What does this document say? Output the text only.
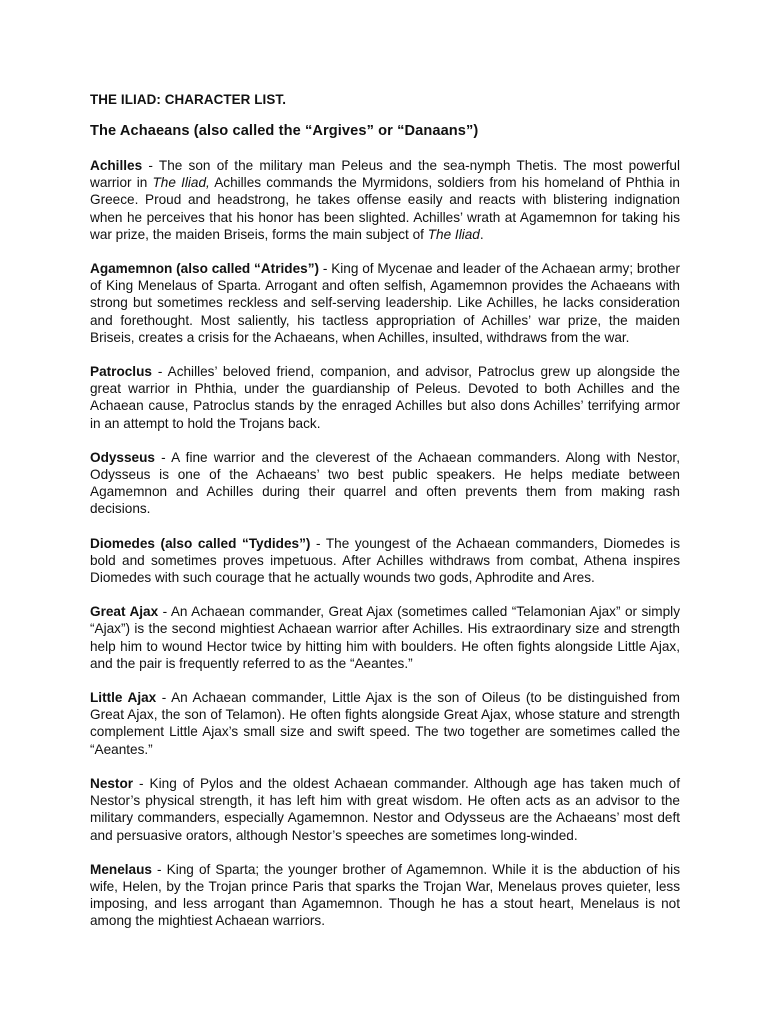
THE ILIAD: CHARACTER LIST.
The Achaeans (also called the “Argives” or “Danaans”)

Achilles - The son of the military man Peleus and the sea-nymph Thetis. The most powerful warrior in The Iliad, Achilles commands the Myrmidons, soldiers from his homeland of Phthia in Greece. Proud and headstrong, he takes offense easily and reacts with blistering indignation when he perceives that his honor has been slighted. Achilles’ wrath at Agamemnon for taking his war prize, the maiden Briseis, forms the main subject of The Iliad.

Agamemnon (also called “Atrides”) - King of Mycenae and leader of the Achaean army; brother of King Menelaus of Sparta. Arrogant and often selfish, Agamemnon provides the Achaeans with strong but sometimes reckless and self-serving leadership. Like Achilles, he lacks consideration and forethought. Most saliently, his tactless appropriation of Achilles’ war prize, the maiden Briseis, creates a crisis for the Achaeans, when Achilles, insulted, withdraws from the war.

Patroclus - Achilles’ beloved friend, companion, and advisor, Patroclus grew up alongside the great warrior in Phthia, under the guardianship of Peleus. Devoted to both Achilles and the Achaean cause, Patroclus stands by the enraged Achilles but also dons Achilles’ terrifying armor in an attempt to hold the Trojans back.

Odysseus - A fine warrior and the cleverest of the Achaean commanders. Along with Nestor, Odysseus is one of the Achaeans’ two best public speakers. He helps mediate between Agamemnon and Achilles during their quarrel and often prevents them from making rash decisions.

Diomedes (also called “Tydides”) - The youngest of the Achaean commanders, Diomedes is bold and sometimes proves impetuous. After Achilles withdraws from combat, Athena inspires Diomedes with such courage that he actually wounds two gods, Aphrodite and Ares.

Great Ajax - An Achaean commander, Great Ajax (sometimes called “Telamonian Ajax” or simply “Ajax”) is the second mightiest Achaean warrior after Achilles. His extraordinary size and strength help him to wound Hector twice by hitting him with boulders. He often fights alongside Little Ajax, and the pair is frequently referred to as the “Aeantes.”

Little Ajax - An Achaean commander, Little Ajax is the son of Oileus (to be distinguished from Great Ajax, the son of Telamon). He often fights alongside Great Ajax, whose stature and strength complement Little Ajax’s small size and swift speed. The two together are sometimes called the “Aeantes.”

Nestor - King of Pylos and the oldest Achaean commander. Although age has taken much of Nestor’s physical strength, it has left him with great wisdom. He often acts as an advisor to the military commanders, especially Agamemnon. Nestor and Odysseus are the Achaeans’ most deft and persuasive orators, although Nestor’s speeches are sometimes long-winded.

Menelaus - King of Sparta; the younger brother of Agamemnon. While it is the abduction of his wife, Helen, by the Trojan prince Paris that sparks the Trojan War, Menelaus proves quieter, less imposing, and less arrogant than Agamemnon. Though he has a stout heart, Menelaus is not among the mightiest Achaean warriors.
